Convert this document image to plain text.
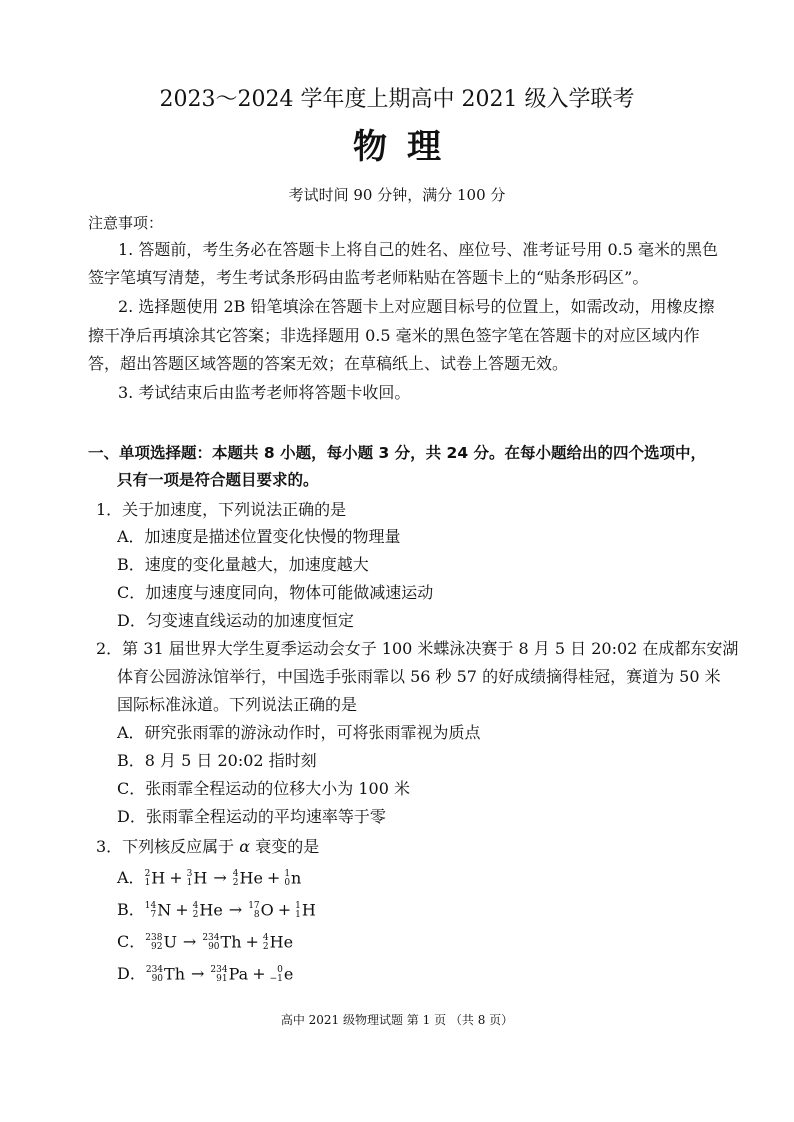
2023～2024 学年度上期高中 2021 级入学联考
物理
考试时间 90 分钟，满分 100 分
注意事项：
1. 答题前，考生务必在答题卡上将自己的姓名、座位号、准考证号用 0.5 毫米的黑色
签字笔填写清楚，考生考试条形码由监考老师粘贴在答题卡上的“贴条形码区”。
2. 选择题使用 2B 铅笔填涂在答题卡上对应题目标号的位置上，如需改动，用橡皮擦
擦干净后再填涂其它答案；非选择题用 0.5 毫米的黑色签字笔在答题卡的对应区域内作
答，超出答题区域答题的答案无效；在草稿纸上、试卷上答题无效。
3. 考试结束后由监考老师将答题卡收回。
一、单项选择题：本题共 8 小题，每小题 3 分，共 24 分。在每小题给出的四个选项中，
只有一项是符合题目要求的。
1．关于加速度，下列说法正确的是
A．加速度是描述位置变化快慢的物理量
B．速度的变化量越大，加速度越大
C．加速度与速度同向，物体可能做减速运动
D．匀变速直线运动的加速度恒定
2．第 31 届世界大学生夏季运动会女子 100 米蝶泳决赛于 8 月 5 日 20:02 在成都东安湖
体育公园游泳馆举行，中国选手张雨霏以 56 秒 57 的好成绩摘得桂冠，赛道为 50 米
国际标准泳道。下列说法正确的是
A．研究张雨霏的游泳动作时，可将张雨霏视为质点
B．8 月 5 日 20:02 指时刻
C．张雨霏全程运动的位移大小为 100 米
D．张雨霏全程运动的平均速率等于零
3．下列核反应属于 α 衰变的是
A． 2
1 H + 3
1 H → 4
2 He + 1
0 n
B． 14
7 N + 4
2 He → 17
8 O + 1
1 H
C． 238
92 U → 234
90 Th + 4
2 He
D． 234
90 Th → 234
91 Pa +	0
−1 e
高中 2021 级物理试题 第 1 页 （共 8 页）
